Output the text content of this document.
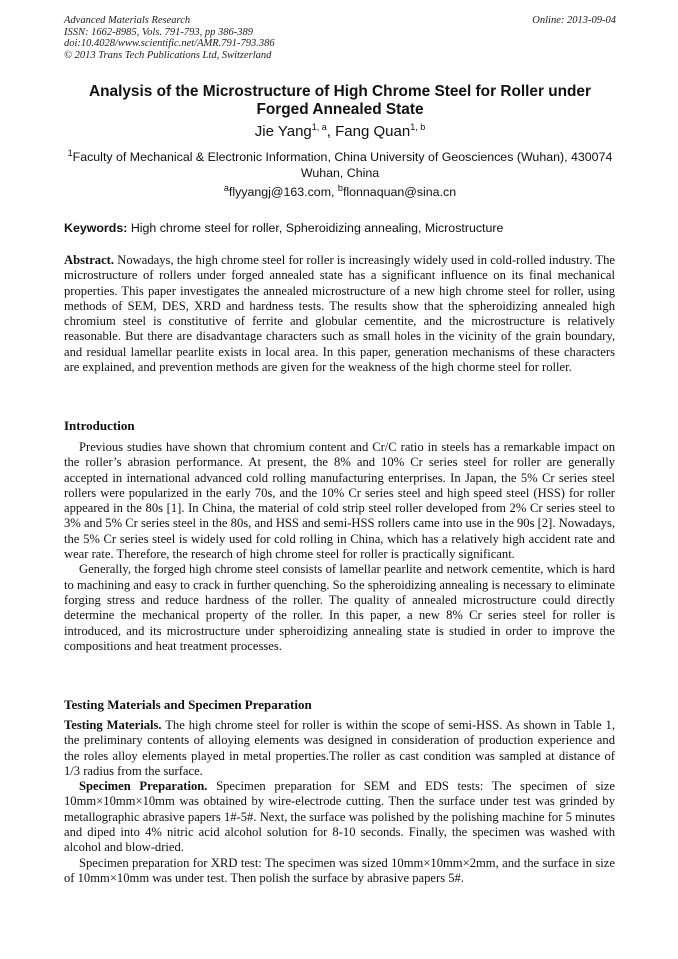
Advanced Materials Research
ISSN: 1662-8985, Vols. 791-793, pp 386-389
doi:10.4028/www.scientific.net/AMR.791-793.386
© 2013 Trans Tech Publications Ltd, Switzerland
Online: 2013-09-04
Analysis of the Microstructure of High Chrome Steel for Roller under Forged Annealed State
Jie Yang$^{1, a}$, Fang Quan$^{1, b}$
$^1$Faculty of Mechanical & Electronic Information, China University of Geosciences (Wuhan), 430074 Wuhan, China
$^a$flyyangj@163.com, $^b$flonnaquan@sina.cn
Keywords: High chrome steel for roller, Spheroidizing annealing, Microstructure
Abstract. Nowadays, the high chrome steel for roller is increasingly widely used in cold-rolled industry. The microstructure of rollers under forged annealed state has a significant influence on its final mechanical properties. This paper investigates the annealed microstructure of a new high chrome steel for roller, using methods of SEM, DES, XRD and hardness tests. The results show that the spheroidizing annealed high chromium steel is constitutive of ferrite and globular cementite, and the microstructure is relatively reasonable. But there are disadvantage characters such as small holes in the vicinity of the grain boundary, and residual lamellar pearlite exists in local area. In this paper, generation mechanisms of these characters are explained, and prevention methods are given for the weakness of the high chorme steel for roller.
Introduction

Previous studies have shown that chromium content and Cr/C ratio in steels has a remarkable impact on the roller’s abrasion performance. At present, the 8% and 10% Cr series steel for roller are generally accepted in international advanced cold rolling manufacturing enterprises. In Japan, the 5% Cr series steel rollers were popularized in the early 70s, and the 10% Cr series steel and high speed steel (HSS) for roller appeared in the 80s [1]. In China, the material of cold strip steel roller developed from 2% Cr series steel to 3% and 5% Cr series steel in the 80s, and HSS and semi-HSS rollers came into use in the 90s [2]. Nowadays, the 5% Cr series steel is widely used for cold rolling in China, which has a relatively high accident rate and wear rate. Therefore, the research of high chrome steel for roller is practically significant.

Generally, the forged high chrome steel consists of lamellar pearlite and network cementite, which is hard to machining and easy to crack in further quenching. So the spheroidizing annealing is necessary to eliminate forging stress and reduce hardness of the roller. The quality of annealed microstructure could directly determine the mechanical property of the roller. In this paper, a new 8% Cr series steel for roller is introduced, and its microstructure under spheroidizing annealing state is studied in order to improve the compositions and heat treatment processes.

Testing Materials and Specimen Preparation

Testing Materials. The high chrome steel for roller is within the scope of semi-HSS. As shown in Table 1, the preliminary contents of alloying elements was designed in consideration of production experience and the roles alloy elements played in metal properties.The roller as cast condition was sampled at distance of 1/3 radius from the surface.

Specimen Preparation. Specimen preparation for SEM and EDS tests: The specimen of size 10mm×10mm×10mm was obtained by wire-electrode cutting. Then the surface under test was grinded by metallographic abrasive papers 1#-5#. Next, the surface was polished by the polishing machine for 5 minutes and diped into 4% nitric acid alcohol solution for 8-10 seconds. Finally, the specimen was washed with alcohol and blow-dried.

Specimen preparation for XRD test: The specimen was sized 10mm×10mm×2mm, and the surface in size of 10mm×10mm was under test. Then polish the surface by abrasive papers 5#.
